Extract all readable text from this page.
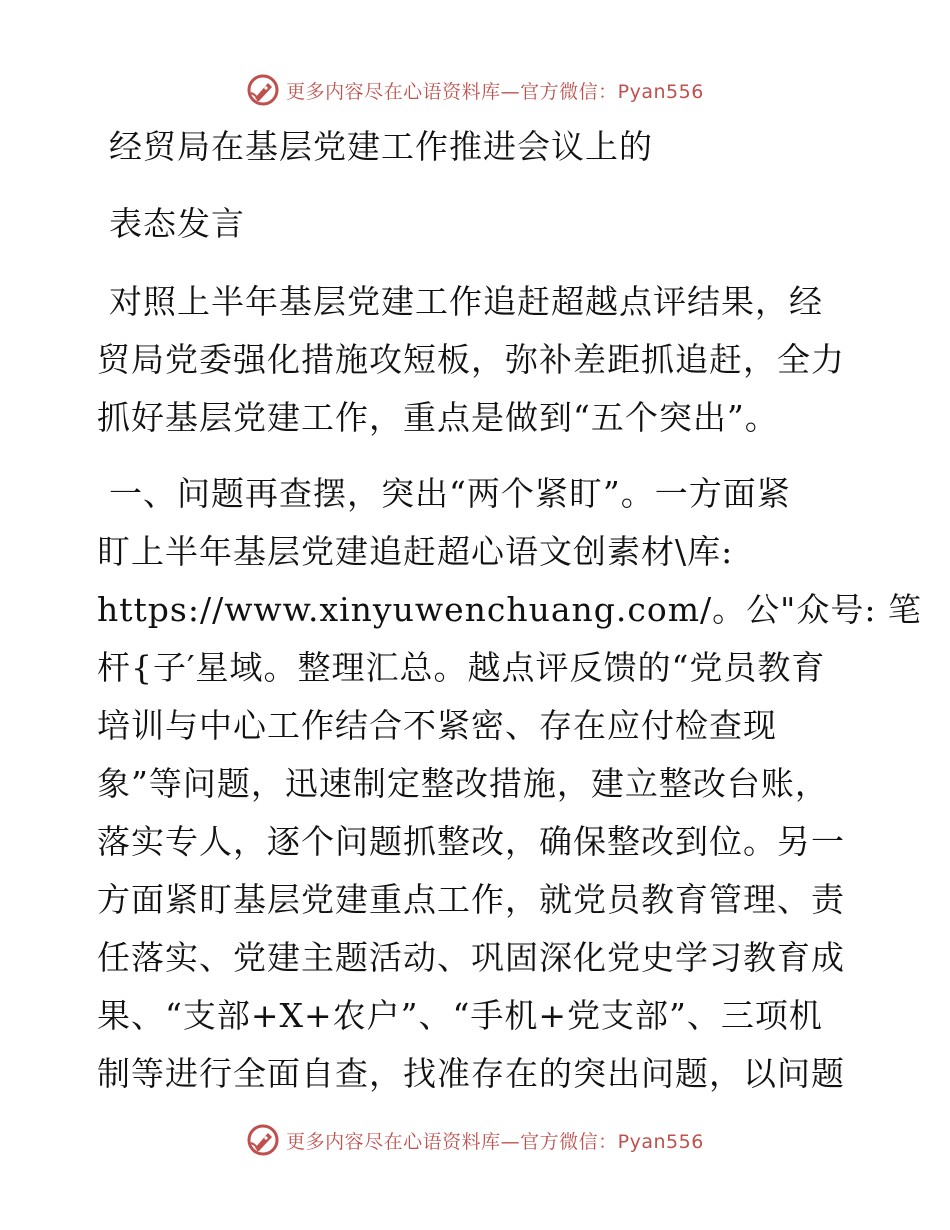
更多内容尽在心语资料库—官方微信：Pyan556
经贸局在基层党建工作推进会议上的
表态发言
对照上半年基层党建工作追赶超越点评结果，经
贸局党委强化措施攻短板，弥补差距抓追赶，全力
抓好基层党建工作，重点是做到“五个突出”。
一、问题再查摆，突出“两个紧盯”。一方面紧
盯上半年基层党建追赶超心语文创素材\库:
https://www.xinyuwenchuang.com/。公"众号: 笔
杆{子′星域。整理汇总。越点评反馈的“党员教育
培训与中心工作结合不紧密、存在应付检查现
象”等问题，迅速制定整改措施，建立整改台账，
落实专人，逐个问题抓整改，确保整改到位。另一
方面紧盯基层党建重点工作，就党员教育管理、责
任落实、党建主题活动、巩固深化党史学习教育成
果、“支部+X+农户”、“手机+党支部”、三项机
制等进行全面自查，找准存在的突出问题，以问题
更多内容尽在心语资料库—官方微信：Pyan556
